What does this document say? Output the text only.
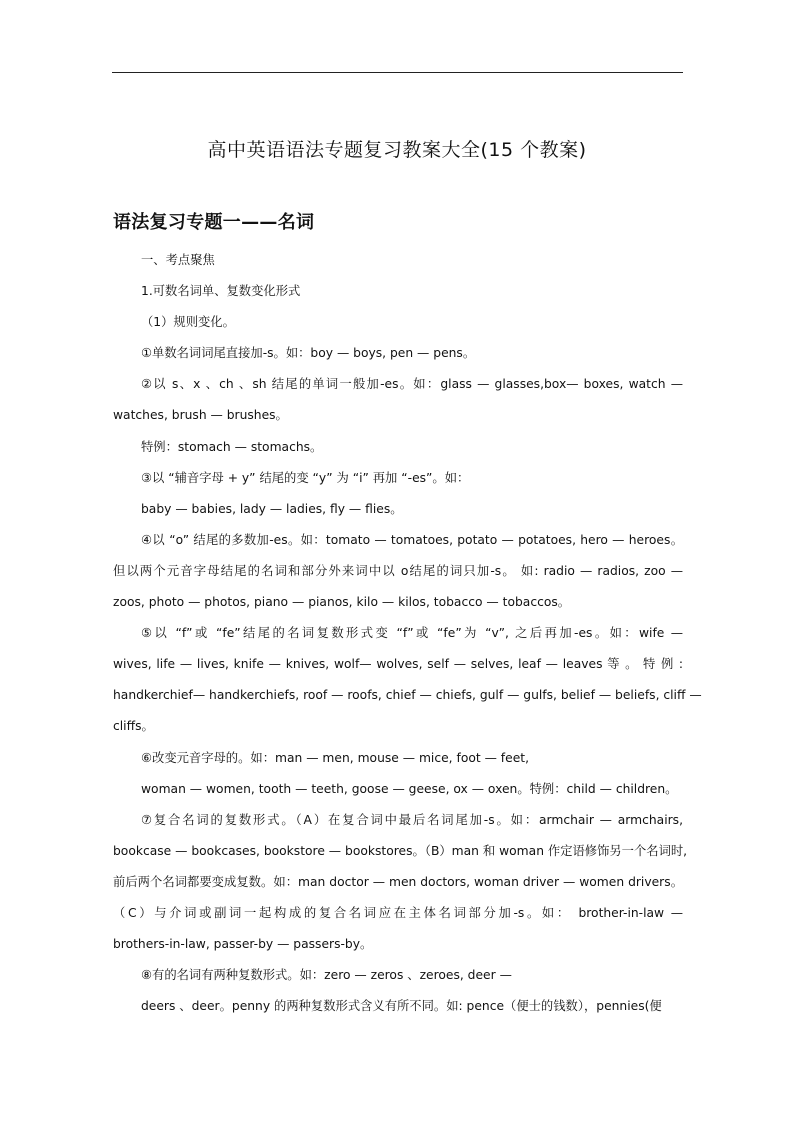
高中英语语法专题复习教案大全(15 个教案)
语法复习专题一——名词
一、考点聚焦
1.可数名词单、复数变化形式
（1）规则变化。
①单数名词词尾直接加-s。如：boy — boys, pen — pens。
②以 s、x 、ch 、sh 结尾的单词一般加-es。如：glass — glasses,box— boxes, watch —
watches, brush — brushes。
特例：stomach — stomachs。
③以 “辅音字母 + y” 结尾的变 “y” 为 “i” 再加 “-es”。如：
baby — babies, lady — ladies, fly — flies。
④以 “o” 结尾的多数加-es。如：tomato — tomatoes, potato — potatoes, hero — heroes。
但以两个元音字母结尾的名词和部分外来词中以 o结尾的词只加-s。 如: radio — radios, zoo —
zoos, photo — photos, piano — pianos, kilo — kilos, tobacco — tobaccos。
⑤以 “f”或 “fe”结尾的名词复数形式变 “f”或 “fe”为 “v”, 之后再加-es。如：wife —
wives, life — lives, knife — knives, wolf— wolves, self — selves, leaf — leaves 等 。 特 例 :
handkerchief— handkerchiefs, roof — roofs, chief — chiefs, gulf — gulfs, belief — beliefs, cliff —
cliffs。
⑥改变元音字母的。如：man — men, mouse — mice, foot — feet,
woman — women, tooth — teeth, goose — geese, ox — oxen。特例：child — children。
⑦复合名词的复数形式。（A）在复合词中最后名词尾加-s。如：armchair — armchairs,
bookcase — bookcases, bookstore — bookstores。（B）man 和 woman 作定语修饰另一个名词时,
前后两个名词都要变成复数。如：man doctor — men doctors, woman driver — women drivers。
（C）与介词或副词一起构成的复合名词应在主体名词部分加-s。如： brother-in-law —
brothers-in-law, passer-by — passers-by。
⑧有的名词有两种复数形式。如：zero — zeros 、zeroes, deer —
deers 、deer。penny 的两种复数形式含义有所不同。如: pence（便士的钱数），pennies(便
